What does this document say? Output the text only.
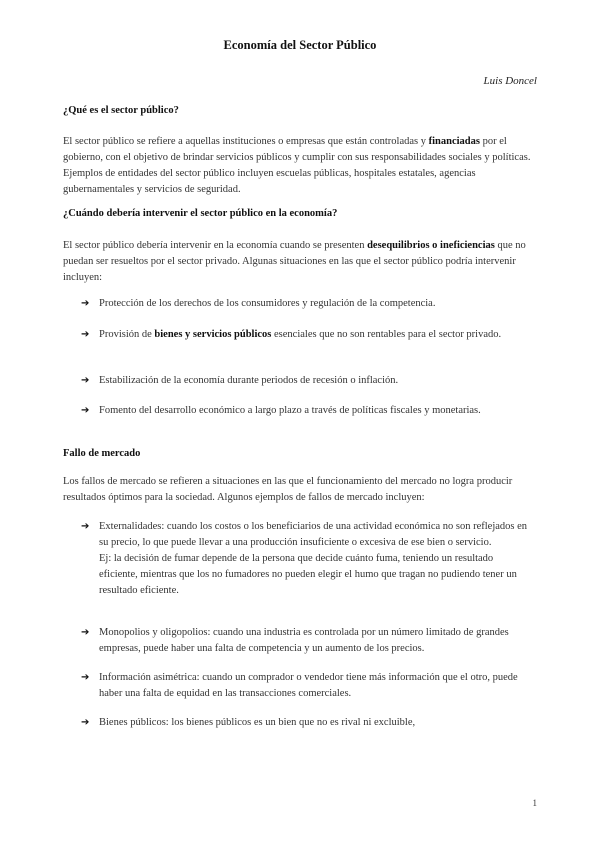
Economía del Sector Público
Luis Doncel
¿Qué es el sector público?

El sector público se refiere a aquellas instituciones o empresas que están controladas y financiadas por el gobierno, con el objetivo de brindar servicios públicos y cumplir con sus responsabilidades sociales y políticas. Ejemplos de entidades del sector público incluyen escuelas públicas, hospitales estatales, agencias gubernamentales y servicios de seguridad.

¿Cuándo debería intervenir el sector público en la economía?

El sector público debería intervenir en la economía cuando se presenten desequilibrios o ineficiencias que no puedan ser resueltos por el sector privado. Algunas situaciones en las que el sector público podría intervenir incluyen:

➔ Protección de los derechos de los consumidores y regulación de la competencia.
➔ Provisión de bienes y servicios públicos esenciales que no son rentables para el sector privado.
➔ Estabilización de la economía durante periodos de recesión o inflación.
➔ Fomento del desarrollo económico a largo plazo a través de políticas fiscales y monetarias.
Fallo de mercado

Los fallos de mercado se refieren a situaciones en las que el funcionamiento del mercado no logra producir resultados óptimos para la sociedad. Algunos ejemplos de fallos de mercado incluyen:

➔ Externalidades: cuando los costos o los beneficiarios de una actividad económica no son reflejados en su precio, lo que puede llevar a una producción insuficiente o excesiva de ese bien o servicio.
Ej: la decisión de fumar depende de la persona que decide cuánto fuma, teniendo un resultado eficiente, mientras que los no fumadores no pueden elegir el humo que tragan no pudiendo tener un resultado eficiente.
➔ Monopolios y oligopolios: cuando una industria es controlada por un número limitado de grandes empresas, puede haber una falta de competencia y un aumento de los precios.
➔ Información asimétrica: cuando un comprador o vendedor tiene más información que el otro, puede haber una falta de equidad en las transacciones comerciales.
➔ Bienes públicos: los bienes públicos es un bien que no es rival ni excluible,
1
